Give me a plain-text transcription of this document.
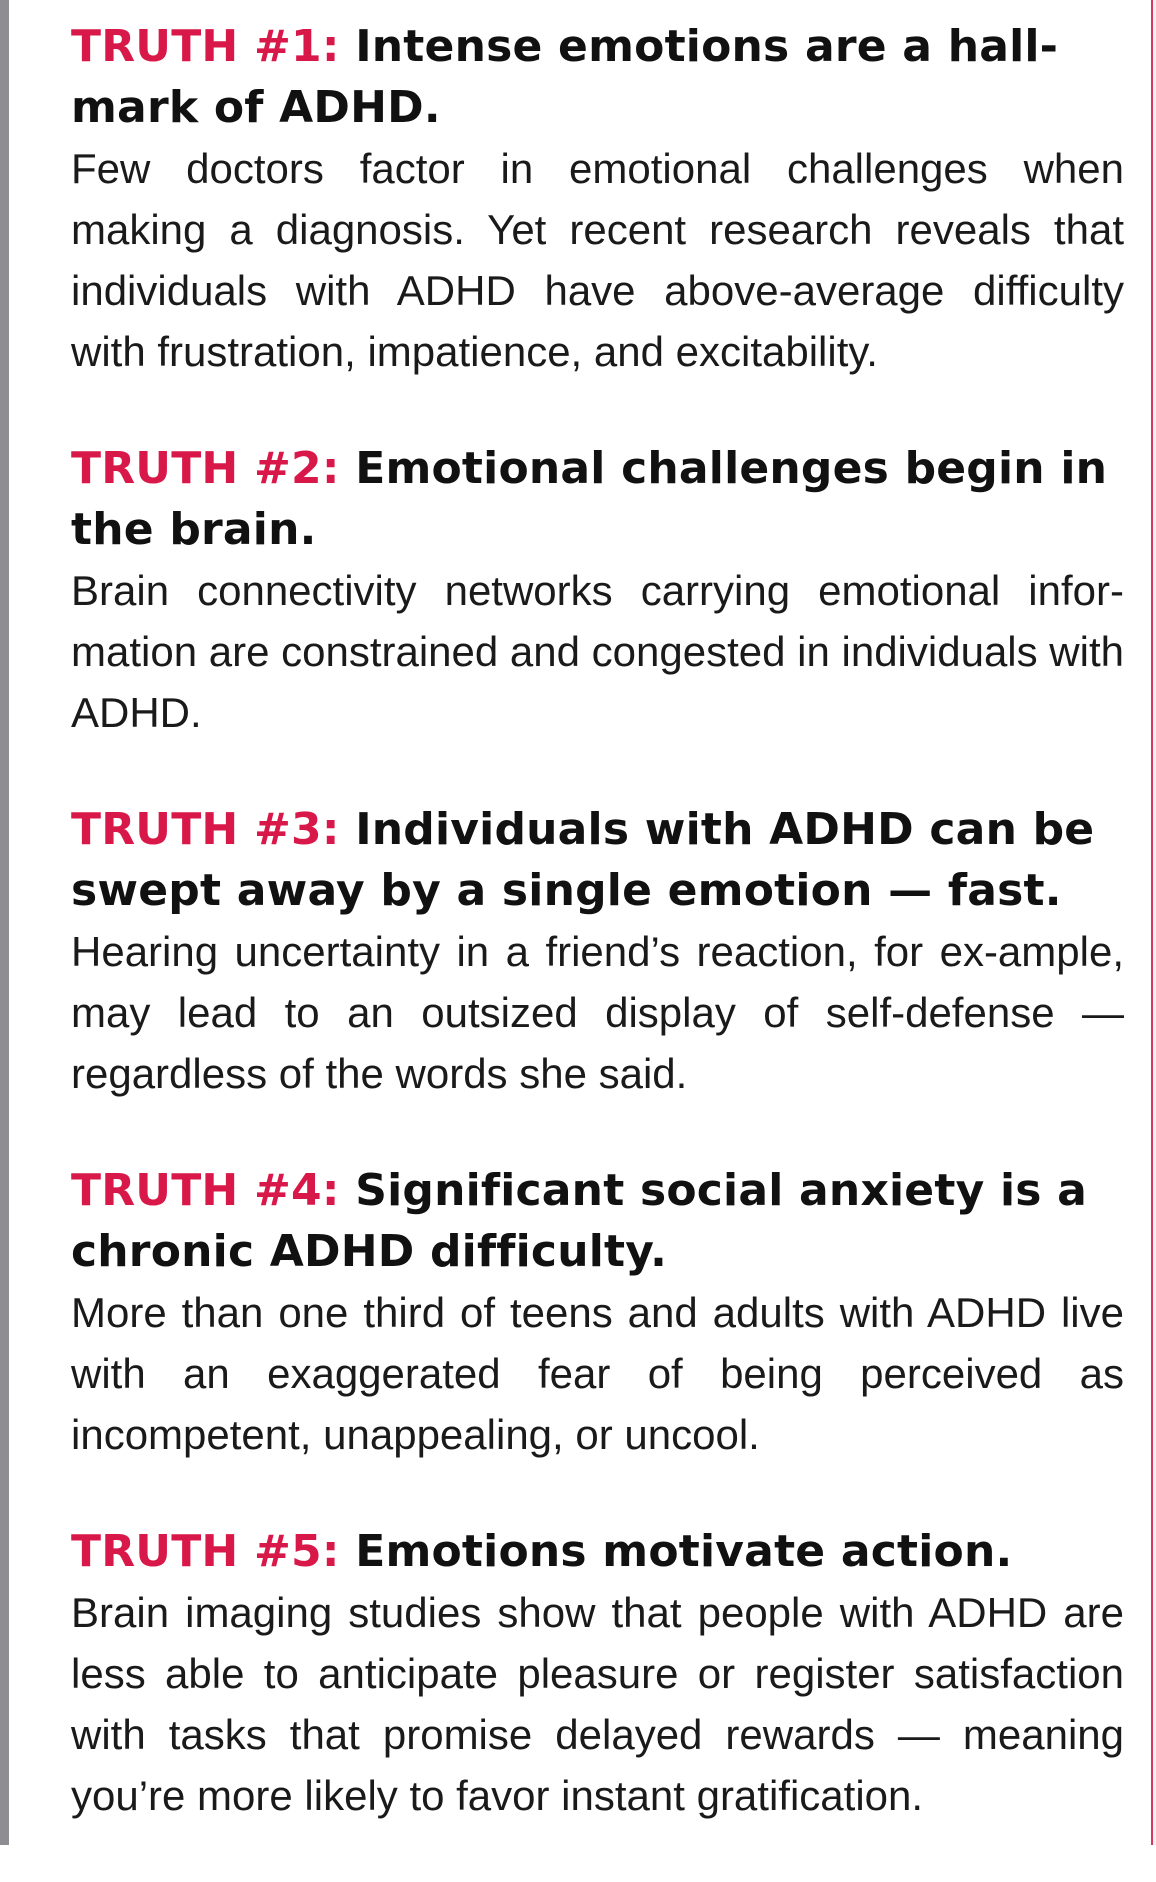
TRUTH #1: Intense emotions are a hall-mark of ADHD.

Few doctors factor in emotional challenges when making a diagnosis. Yet recent research reveals that individuals with ADHD have above-average difficulty with frustration, impatience, and excitability.

TRUTH #2: Emotional challenges begin in the brain.

Brain connectivity networks carrying emotional infor-mation are constrained and congested in individuals with ADHD.

TRUTH #3: Individuals with ADHD can be swept away by a single emotion — fast.

Hearing uncertainty in a friend’s reaction, for ex-ample, may lead to an outsized display of self-defense — regardless of the words she said.

TRUTH #4: Significant social anxiety is a chronic ADHD difficulty.

More than one third of teens and adults with ADHD live with an exaggerated fear of being perceived as incompetent, unappealing, or uncool.

TRUTH #5: Emotions motivate action.

Brain imaging studies show that people with ADHD are less able to anticipate pleasure or register satisfaction with tasks that promise delayed rewards — meaning you’re more likely to favor instant gratification.
